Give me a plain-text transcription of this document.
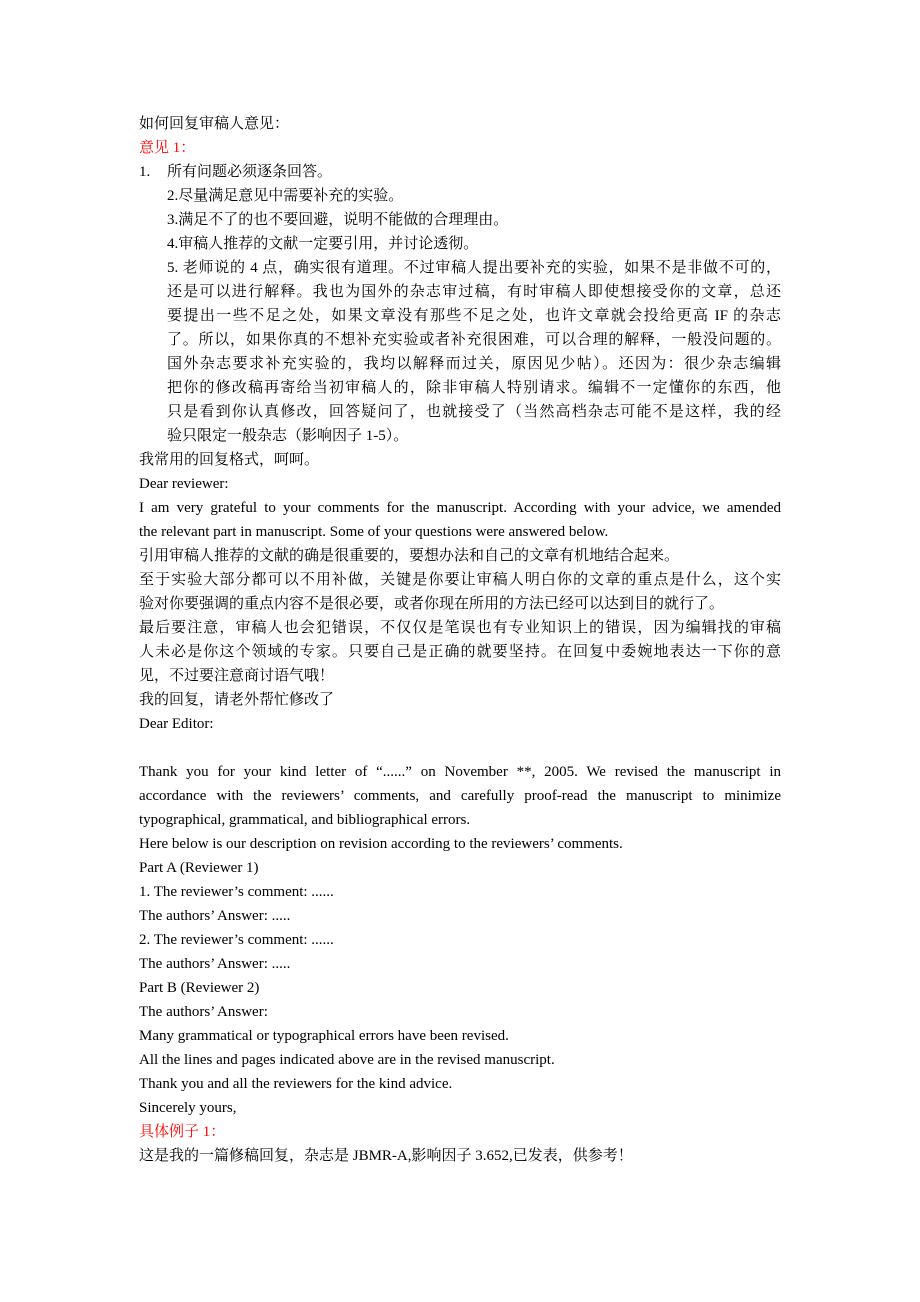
如何回复审稿人意见：
意见 1：
1.	所有问题必须逐条回答。
2.尽量满足意见中需要补充的实验。
3.满足不了的也不要回避，说明不能做的合理理由。
4.审稿人推荐的文献一定要引用，并讨论透彻。
5. 老师说的 4 点，确实很有道理。不过审稿人提出要补充的实验，如果不是非做不可的，
还是可以进行解释。我也为国外的杂志审过稿，有时审稿人即使想接受你的文章，总还
要提出一些不足之处，如果文章没有那些不足之处，也许文章就会投给更高 IF 的杂志
了。所以，如果你真的不想补充实验或者补充很困难，可以合理的解释，一般没问题的。
国外杂志要求补充实验的，我均以解释而过关，原因见少帖）。还因为：很少杂志编辑
把你的修改稿再寄给当初审稿人的，除非审稿人特别请求。编辑不一定懂你的东西，他
只是看到你认真修改，回答疑问了，也就接受了（当然高档杂志可能不是这样，我的经
验只限定一般杂志（影响因子 1-5）。
我常用的回复格式，呵呵。
Dear reviewer:
I am very grateful to your comments for the manuscript. According with your advice, we amended
the relevant part in manuscript. Some of your questions were answered below.
引用审稿人推荐的文献的确是很重要的，要想办法和自己的文章有机地结合起来。
至于实验大部分都可以不用补做，关键是你要让审稿人明白你的文章的重点是什么，这个实
验对你要强调的重点内容不是很必要，或者你现在所用的方法已经可以达到目的就行了。
最后要注意，审稿人也会犯错误，不仅仅是笔误也有专业知识上的错误，因为编辑找的审稿
人未必是你这个领域的专家。只要自己是正确的就要坚持。在回复中委婉地表达一下你的意
见，不过要注意商讨语气哦！
我的回复，请老外帮忙修改了
Dear Editor:
Thank you for your kind letter of “......” on November **, 2005. We revised the manuscript in
accordance with the reviewers’ comments, and carefully proof-read the manuscript to minimize
typographical, grammatical, and bibliographical errors.
Here below is our description on revision according to the reviewers’ comments.
Part A (Reviewer 1)
1. The reviewer’s comment: ......
The authors’ Answer: .....
2. The reviewer’s comment: ......
The authors’ Answer: .....
Part B (Reviewer 2)
The authors’ Answer:
Many grammatical or typographical errors have been revised.
All the lines and pages indicated above are in the revised manuscript.
Thank you and all the reviewers for the kind advice.
Sincerely yours,
具体例子 1：
这是我的一篇修稿回复，杂志是 JBMR-A,影响因子 3.652,已发表，供参考！
